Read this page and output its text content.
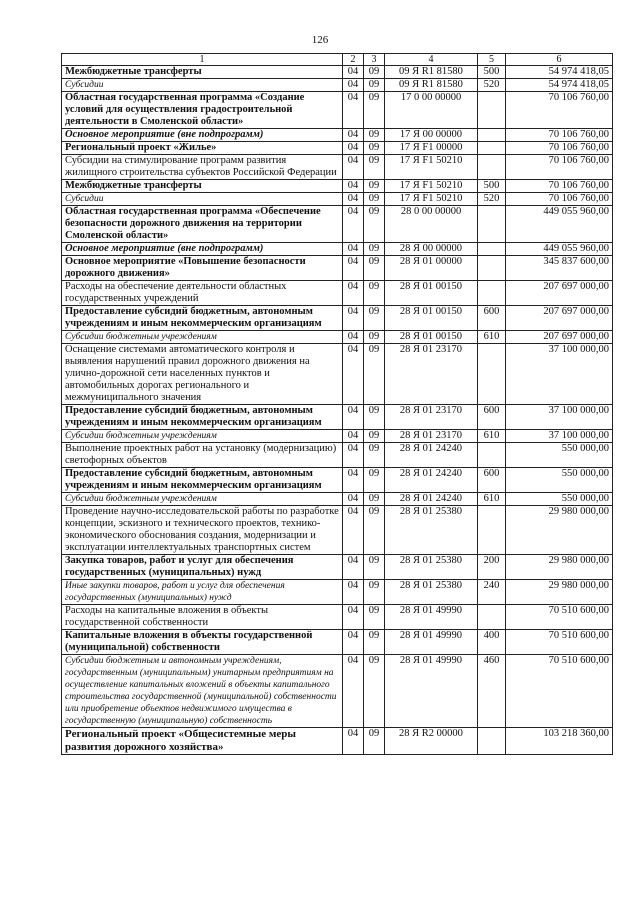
126
1	2	3	4	5	6
Межбюджетные трансферты	04	09	09 Я R1 81580	500	54 974 418,05
Субсидии	04	09	09 Я R1 81580	520	54 974 418,05
Областная государственная программа «Создание условий для осуществления градостроительной деятельности в Смоленской области»	04	09	17 0 00 00000		70 106 760,00
Основное мероприятие (вне подпрограмм)	04	09	17 Я 00 00000		70 106 760,00
Региональный проект «Жилье»	04	09	17 Я F1 00000		70 106 760,00
Субсидии на стимулирование программ развития жилищного строительства субъектов Российской Федерации	04	09	17 Я F1 50210		70 106 760,00
Межбюджетные трансферты	04	09	17 Я F1 50210	500	70 106 760,00
Субсидии	04	09	17 Я F1 50210	520	70 106 760,00
Областная государственная программа «Обеспечение безопасности дорожного движения на территории Смоленской области»	04	09	28 0 00 00000		449 055 960,00
Основное мероприятие (вне подпрограмм)	04	09	28 Я 00 00000		449 055 960,00
Основное мероприятие «Повышение безопасности дорожного движения»	04	09	28 Я 01 00000		345 837 600,00
Расходы на обеспечение деятельности областных государственных учреждений	04	09	28 Я 01 00150		207 697 000,00
Предоставление субсидий бюджетным, автономным учреждениям и иным некоммерческим организациям	04	09	28 Я 01 00150	600	207 697 000,00
Субсидии бюджетным учреждениям	04	09	28 Я 01 00150	610	207 697 000,00
Оснащение системами автоматического контроля и выявления нарушений правил дорожного движения на улично-дорожной сети населенных пунктов и автомобильных дорогах регионального и межмуниципального значения	04	09	28 Я 01 23170		37 100 000,00
Предоставление субсидий бюджетным, автономным учреждениям и иным некоммерческим организациям	04	09	28 Я 01 23170	600	37 100 000,00
Субсидии бюджетным учреждениям	04	09	28 Я 01 23170	610	37 100 000,00
Выполнение проектных работ на установку (модернизацию) светофорных объектов	04	09	28 Я 01 24240		550 000,00
Предоставление субсидий бюджетным, автономным учреждениям и иным некоммерческим организациям	04	09	28 Я 01 24240	600	550 000,00
Субсидии бюджетным учреждениям	04	09	28 Я 01 24240	610	550 000,00
Проведение научно-исследовательской работы по разработке концепции, эскизного и технического проектов, технико-экономического обоснования создания, модернизации и эксплуатации интеллектуальных транспортных систем	04	09	28 Я 01 25380		29 980 000,00
Закупка товаров, работ и услуг для обеспечения государственных (муниципальных) нужд	04	09	28 Я 01 25380	200	29 980 000,00
Иные закупки товаров, работ и услуг для обеспечения государственных (муниципальных) нужд	04	09	28 Я 01 25380	240	29 980 000,00
Расходы на капитальные вложения в объекты государственной собственности	04	09	28 Я 01 49990		70 510 600,00
Капитальные вложения в объекты государственной (муниципальной) собственности	04	09	28 Я 01 49990	400	70 510 600,00
Субсидии бюджетным и автономным учреждениям, государственным (муниципальным) унитарным предприятиям на осуществление капитальных вложений в объекты капитального строительства государственной (муниципальной) собственности или приобретение объектов недвижимого имущества в государственную (муниципальную) собственность	04	09	28 Я 01 49990	460	70 510 600,00
Региональный проект «Общесистемные меры развития дорожного хозяйства»	04	09	28 Я R2 00000		103 218 360,00
